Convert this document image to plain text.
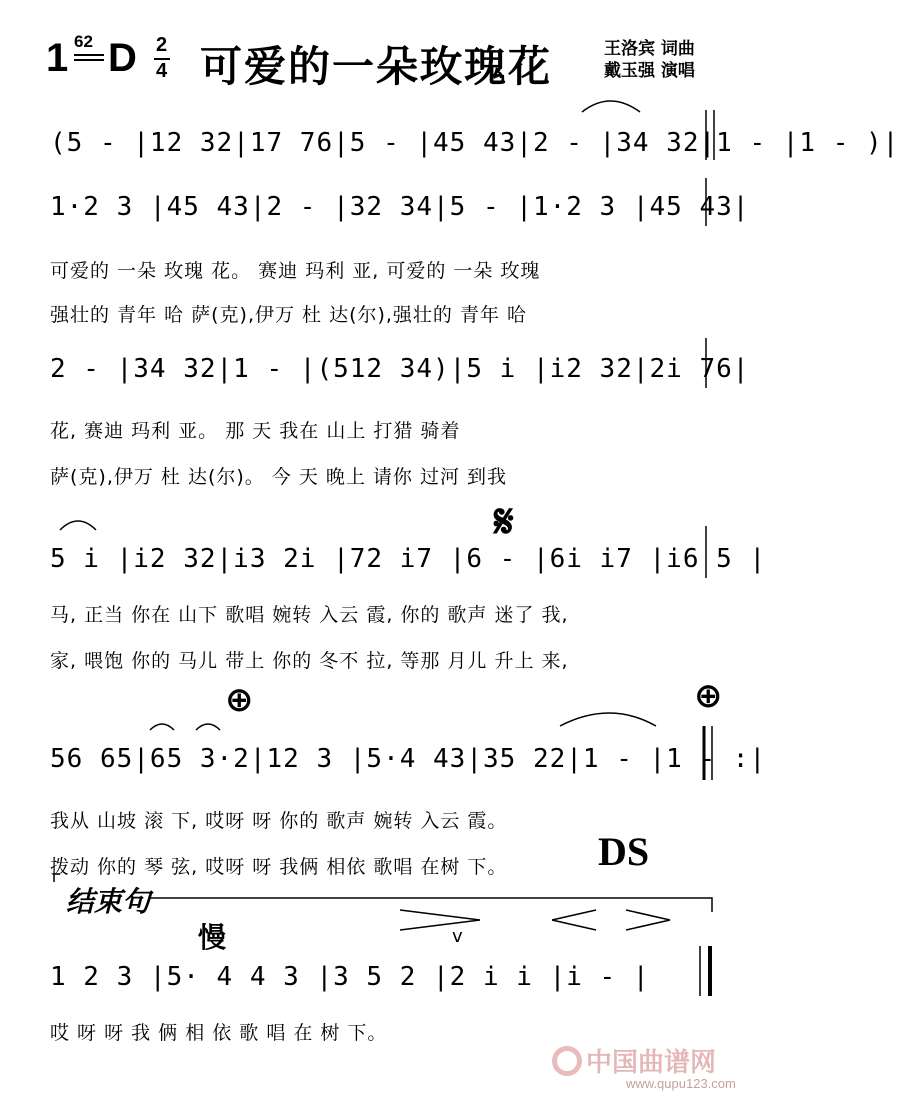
1 62 D 2
4 可爱的一朵玫瑰花	王洛宾 词曲
戴玉强 演唱
(5 - |12 32|17 76|5 - |45 43|2 - |34 32|1 - |1 - )|
1·2 3 |45 43|2 - |32 34|5 - |1·2 3 |45 43|
可爱的 一朵 玫瑰 花。 赛迪 玛利 亚, 可爱的 一朵 玫瑰
强壮的 青年 哈 萨(克),伊万 杜 达(尔),强壮的 青年 哈
2 - |34 32|1 - |(512 34)|5 i |i2 32|2i 76|
花, 赛迪 玛利 亚。 那 天 我在 山上 打猎 骑着
萨(克),伊万 杜 达(尔)。 今 天 晚上 请你 过河 到我
5 i |i2 32|i3 2i |72 i7 |6 - |6i i7 |i6 5 |
马, 正当 你在 山下 歌唱 婉转 入云 霞, 你的 歌声 迷了 我,
家, 喂饱 你的 马儿 带上 你的 冬不 拉, 等那 月儿 升上 来,
56 65|65 3·2|12 3 |5·4 43|35 22|1 - |1 - :|
我从 山坡 滚 下, 哎呀 呀 你的 歌声 婉转 入云 霞。
拨动 你的 琴 弦, 哎呀 呀 我俩 相依 歌唱 在树 下。
1 2 3 |5· 4 4 3 |3 5 2 |2 i i |i - |
哎 呀 呀 我 俩 相 依 歌 唱 在 树 下。
𝄋
⊕	⊕
DS
结束句
慢	v
中国曲谱网
www.qupu123.com
